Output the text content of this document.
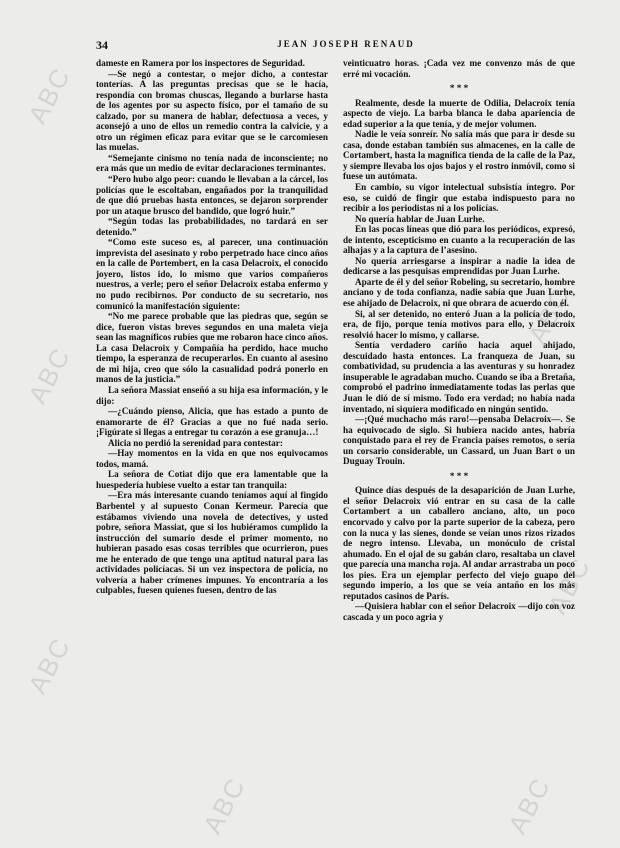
34	JEAN JOSEPH RENAUD

dameste en Ramera por los inspectores de Seguridad.

—Se negó a contestar, o mejor dicho, a contestar tonterías. A las preguntas precisas que se le hacía, respondía con bromas chuscas, llegando a burlarse hasta de los agentes por su aspecto físico, por el tamaño de su calzado, por su manera de hablar, defectuosa a veces, y aconsejó a uno de ellos un remedio contra la calvicie, y a otro un régimen eficaz para evitar que se le carcomiesen las muelas.

“Semejante cinismo no tenía nada de inconsciente; no era más que un medio de evitar declaraciones terminantes.

“Pero hubo algo peor: cuando le llevaban a la cárcel, los policías que le escoltaban, engañados por la tranquilidad de que dió pruebas hasta entonces, se dejaron sorprender por un ataque brusco del bandido, que logró huir.”

“Según todas las probabilidades, no tardará en ser detenido.”

“Como este suceso es, al parecer, una continuación imprevista del asesinato y robo perpetrado hace cinco años en la calle de Portembert, en la casa Delacroix, el conocido joyero, listos ido, lo mismo que varios compañeros nuestros, a verle; pero el señor Delacroix estaba enfermo y no pudo recibirnos. Por conducto de su secretario, nos comunicó la manifestación siguiente:

“No me parece probable que las piedras que, según se dice, fueron vistas breves segundos en una maleta vieja sean las magníficos rubíes que me robaron hace cinco años. La casa Delacroix y Compañía ha perdido, hace mucho tiempo, la esperanza de recuperarlos. En cuanto al asesino de mi hija, creo que sólo la casualidad podrá ponerlo en manos de la justicia.”

La señora Massiat enseñó a su hija esa información, y le dijo:

—¿Cuándo pienso, Alicia, que has estado a punto de enamorarte de él? Gracias a que no fué nada serio. ¡Figúrate si llegas a entregar tu corazón a ese granuja…!

Alicia no perdió la serenidad para contestar:

—Hay momentos en la vida en que nos equivocamos todos, mamá.

La señora de Cotiat dijo que era lamentable que la huespedería hubiese vuelto a estar tan tranquila:

—Era más interesante cuando teníamos aquí al fingido Barbentel y al supuesto Conan Kermeur. Parecía que estábamos viviendo una novela de detectives, y usted pobre, señora Massiat, que si los hubiéramos cumplido la instrucción del sumario desde el primer momento, no hubieran pasado esas cosas terribles que ocurrieron, pues me he enterado de que tengo una aptitud natural para las actividades policíacas. Si un vez inspectora de policía, no volvería a haber crímenes impunes. Yo encontraría a los culpables, fuesen quienes fuesen, dentro de las

veinticuatro horas. ¡Cada vez me convenzo más de que erré mi vocación.

* * *

Realmente, desde la muerte de Odilia, Delacroix tenía aspecto de viejo. La barba blanca le daba apariencia de edad superior a la que tenía, y de mejor volumen.

Nadie le veía sonreír. No salía más que para ir desde su casa, donde estaban también sus almacenes, en la calle de Cortambert, hasta la magnífica tienda de la calle de la Paz, y siempre llevaba los ojos bajos y el rostro inmóvil, como si fuese un autómata.

En cambio, su vigor intelectual subsistía íntegro. Por eso, se cuidó de fingir que estaba indispuesto para no recibir a los periodistas ni a los policías.

No quería hablar de Juan Lurhe.

En las pocas líneas que dió para los periódicos, expresó, de intento, escepticismo en cuanto a la recuperación de las alhajas y a la captura de l’asesino.

No quería arriesgarse a inspirar a nadie la idea de dedicarse a las pesquisas emprendidas por Juan Lurhe.

Aparte de él y del señor Robeling, su secretario, hombre anciano y de toda confianza, nadie sabía que Juan Lurhe, ese ahijado de Delacroix, ni que obrara de acuerdo con él.

Si, al ser detenido, no enteró Juan a la policía de todo, era, de fijo, porque tenía motivos para ello, y Delacroix resolvió hacer lo mismo, y callarse.

Sentía verdadero cariño hacia aquel ahijado, descuidado hasta entonces. La franqueza de Juan, su combatividad, su prudencia a las aventuras y su honradez insuperable le agradaban mucho. Cuando se iba a Bretaña, comprobó el padrino inmediatamente todas las perlas que Juan le dió de sí mismo. Todo era verdad; no había nada inventado, ni siquiera modificado en ningún sentido.

—¡Qué muchacho más raro!—pensaba Delacroix—. Se ha equivocado de siglo. Si hubiera nacido antes, habría conquistado para el rey de Francia países remotos, o sería un corsario considerable, un Cassard, un Juan Bart o un Duguay Trouin.

* * *

Quince días después de la desaparición de Juan Lurhe, el señor Delacroix vió entrar en su casa de la calle Cortambert a un caballero anciano, alto, un poco encorvado y calvo por la parte superior de la cabeza, pero con la nuca y las sienes, donde se veían unos rizos rizados de negro intenso. Llevaba, un monóculo de cristal ahumado. En el ojal de su gabán claro, resaltaba un clavel que parecía una mancha roja. Al andar arrastraba un poco los pies. Era un ejemplar perfecto del viejo guapo del segundo imperio, a los que se veía antaño en los más reputados casinos de París.

—Quisiera hablar con el señor Delacroix —dijo con voz cascada y un poco agria y

ABC
ABC
ABC
ABC
ABC
ABC	ABC
